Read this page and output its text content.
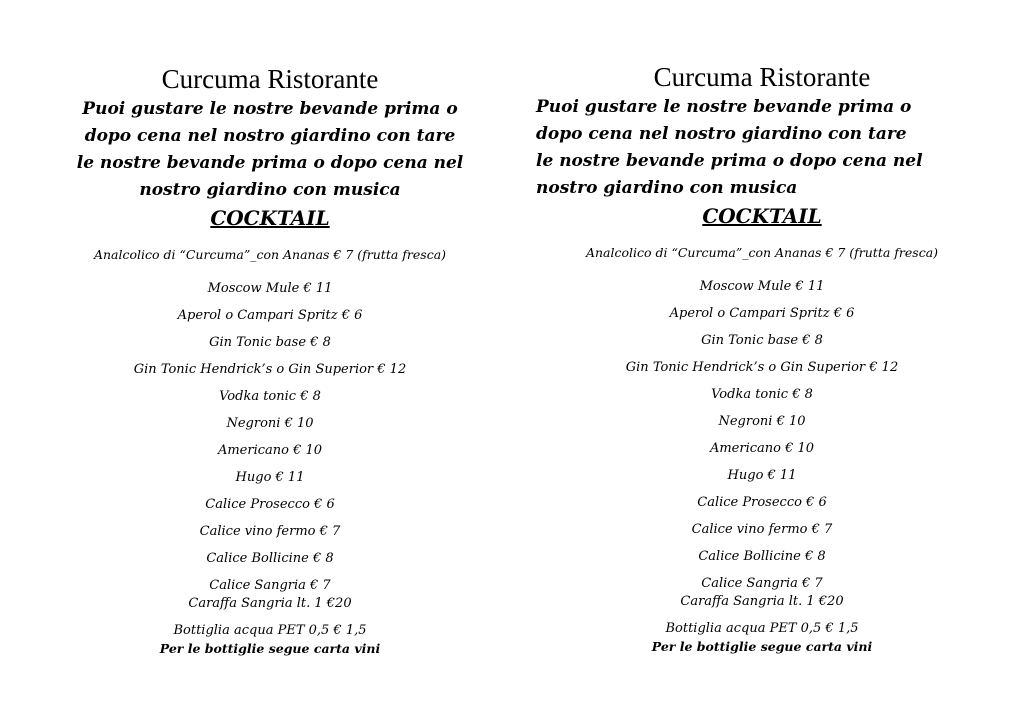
Curcuma Ristorante

Puoi gustare le nostre bevande prima o

dopo cena nel nostro giardino con tare

le nostre bevande prima o dopo cena nel

nostro giardino con musica

COCKTAIL

Analcolico di “Curcuma”_con Ananas € 7 (frutta fresca)

Moscow Mule € 11

Aperol o Campari Spritz € 6

Gin Tonic base € 8

Gin Tonic Hendrick’s o Gin Superior € 12

Vodka tonic € 8

Negroni € 10

Americano € 10

Hugo € 11

Calice Prosecco € 6

Calice vino fermo € 7

Calice Bollicine € 8

Calice Sangria € 7

Caraffa Sangria lt. 1 €20

Bottiglia acqua PET 0,5 € 1,5

Per le bottiglie segue carta vini

Curcuma Ristorante

Puoi gustare le nostre bevande prima o

dopo cena nel nostro giardino con tare

le nostre bevande prima o dopo cena nel

nostro giardino con musica

COCKTAIL

Analcolico di “Curcuma”_con Ananas € 7 (frutta fresca)

Moscow Mule € 11

Aperol o Campari Spritz € 6

Gin Tonic base € 8

Gin Tonic Hendrick’s o Gin Superior € 12

Vodka tonic € 8

Negroni € 10

Americano € 10

Hugo € 11

Calice Prosecco € 6

Calice vino fermo € 7

Calice Bollicine € 8

Calice Sangria € 7

Caraffa Sangria lt. 1 €20

Bottiglia acqua PET 0,5 € 1,5

Per le bottiglie segue carta vini
